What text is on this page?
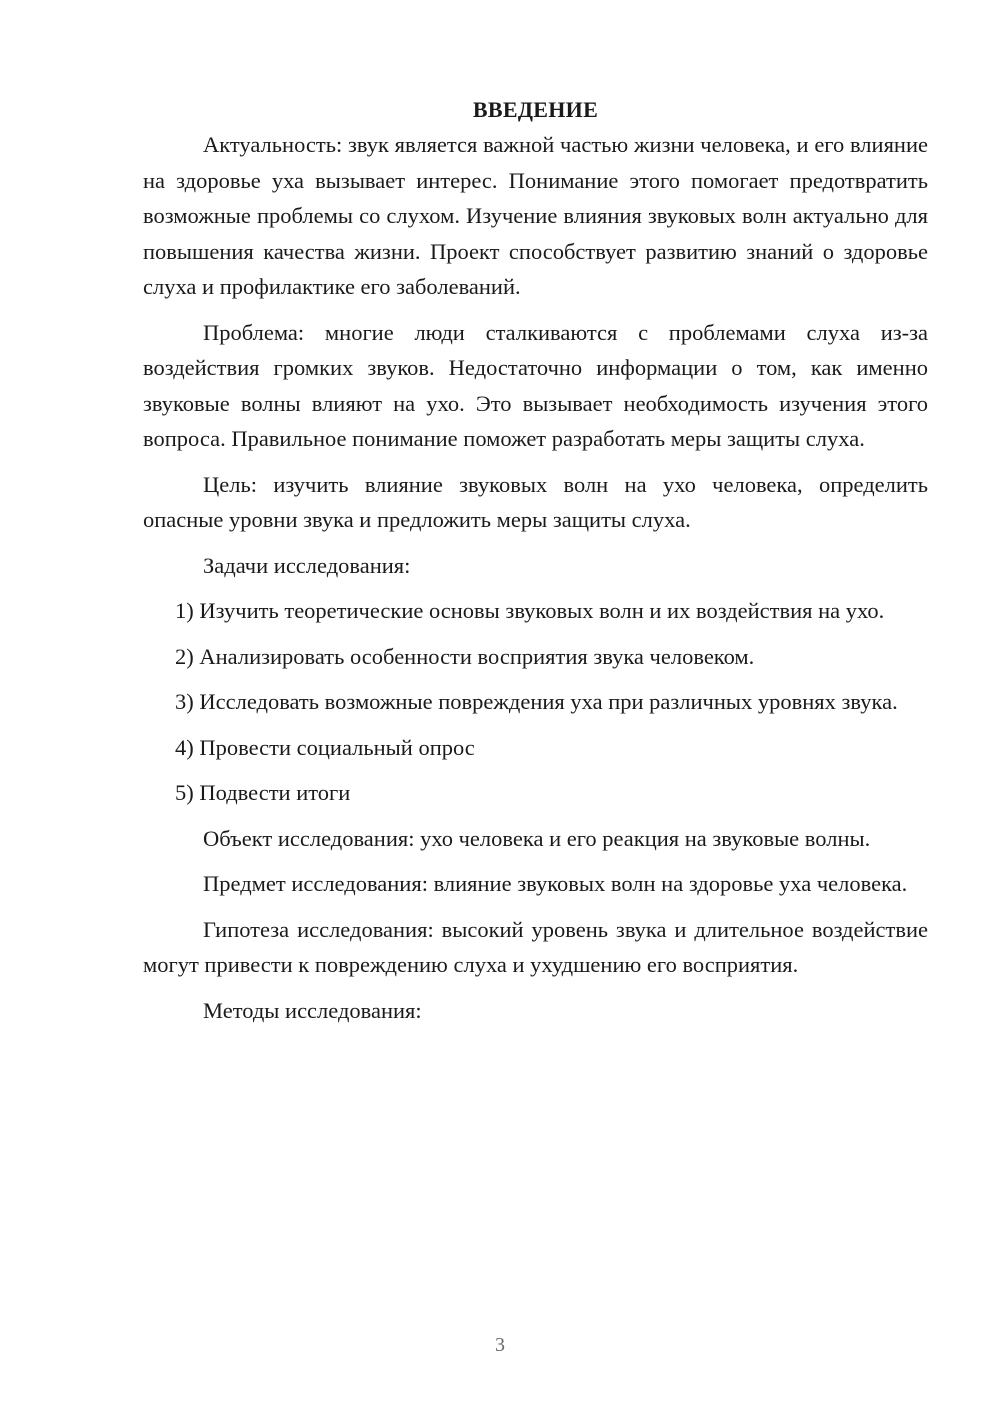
ВВЕДЕНИЕ

Актуальность: звук является важной частью жизни человека, и его влияние на здоровье уха вызывает интерес. Понимание этого помогает предотвратить возможные проблемы со слухом. Изучение влияния звуковых волн актуально для повышения качества жизни. Проект способствует развитию знаний о здоровье слуха и профилактике его заболеваний.

Проблема: многие люди сталкиваются с проблемами слуха из-за воздействия громких звуков. Недостаточно информации о том, как именно звуковые волны влияют на ухо. Это вызывает необходимость изучения этого вопроса. Правильное понимание поможет разработать меры защиты слуха.

Цель: изучить влияние звуковых волн на ухо человека, определить опасные уровни звука и предложить меры защиты слуха.

Задачи исследования:

1) Изучить теоретические основы звуковых волн и их воздействия на ухо.

2) Анализировать особенности восприятия звука человеком.

3) Исследовать возможные повреждения уха при различных уровнях звука.

4) Провести социальный опрос

5) Подвести итоги

Объект исследования: ухо человека и его реакция на звуковые волны.

Предмет исследования: влияние звуковых волн на здоровье уха человека.

Гипотеза исследования: высокий уровень звука и длительное воздействие могут привести к повреждению слуха и ухудшению его восприятия.

Методы исследования:

3
